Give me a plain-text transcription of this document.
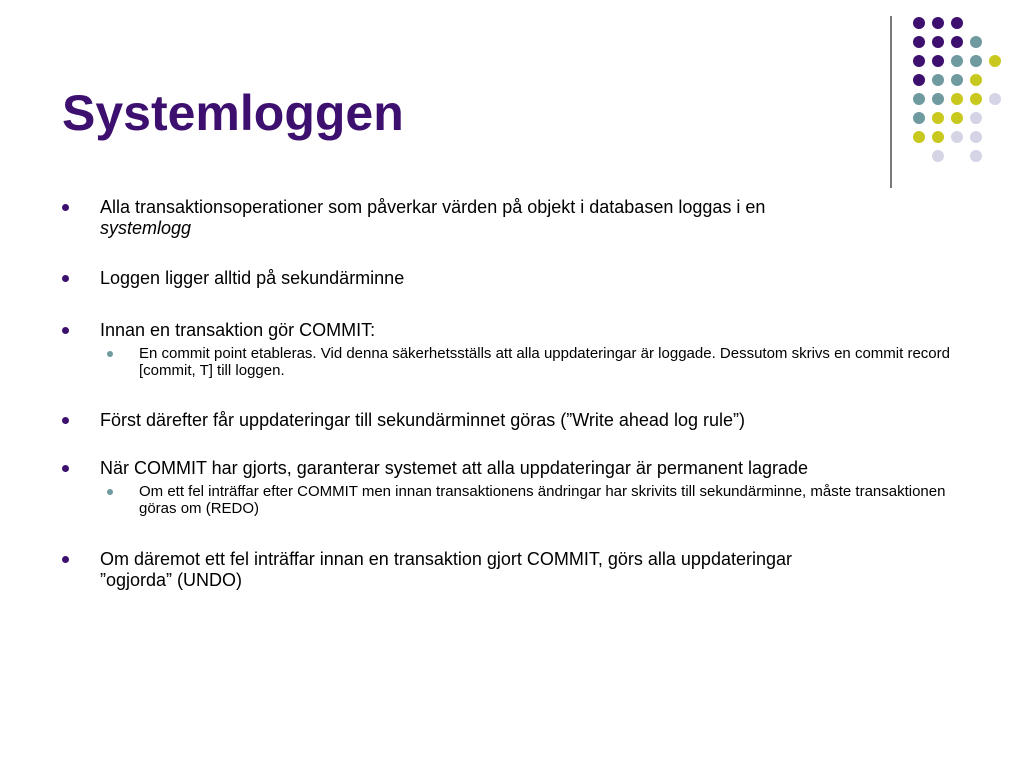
Systemloggen
Alla transaktionsoperationer som påverkar värden på objekt i databasen loggas i en
systemlogg
Loggen ligger alltid på sekundärminne
Innan en transaktion gör COMMIT:
En commit point etableras. Vid denna säkerhetsställs att alla uppdateringar är loggade. Dessutom skrivs en commit record [commit, T] till loggen.
Först därefter får uppdateringar till sekundärminnet göras (”Write ahead log rule”)
När COMMIT har gjorts, garanterar systemet att alla uppdateringar är permanent lagrade
Om ett fel inträffar efter COMMIT men innan transaktionens ändringar har skrivits till sekundärminne, måste transaktionen göras om (REDO)
Om däremot ett fel inträffar innan en transaktion gjort COMMIT, görs alla uppdateringar ”ogjorda” (UNDO)
